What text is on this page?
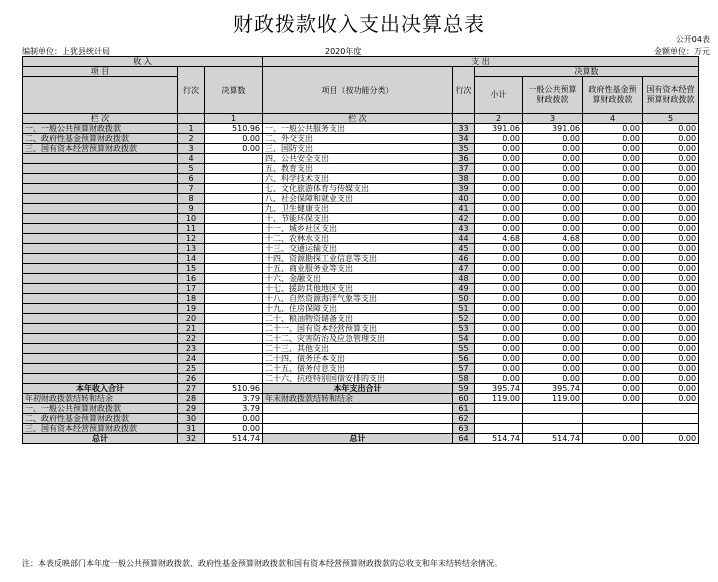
财政拨款收入支出决算总表
公开04表
编制单位：上犹县统计局	2020年度	金额单位：万元
收 入			支 出					
项 目	行次	决算数	项目（按功能分类）	行次	决算数			
					小计	一般公共预算财政拨款	政府性基金预算财政拨款	国有资本经营预算财政拨款
栏 次		1	栏 次		2	3	4	5
一、一般公共预算财政拨款	1	510.96	一、一般公共服务支出	33	391.06	391.06	0.00	0.00
二、政府性基金预算财政拨款	2	0.00	二、外交支出	34	0.00	0.00	0.00	0.00
三、国有资本经营预算财政拨款	3	0.00	三、国防支出	35	0.00	0.00	0.00	0.00
	4		四、公共安全支出	36	0.00	0.00	0.00	0.00
	5		五、教育支出	37	0.00	0.00	0.00	0.00
	6		六、科学技术支出	38	0.00	0.00	0.00	0.00
	7		七、文化旅游体育与传媒支出	39	0.00	0.00	0.00	0.00
	8		八、社会保障和就业支出	40	0.00	0.00	0.00	0.00
	9		九、卫生健康支出	41	0.00	0.00	0.00	0.00
	10		十、节能环保支出	42	0.00	0.00	0.00	0.00
	11		十一、城乡社区支出	43	0.00	0.00	0.00	0.00
	12		十二、农林水支出	44	4.68	4.68	0.00	0.00
	13		十三、交通运输支出	45	0.00	0.00	0.00	0.00
	14		十四、资源勘探工业信息等支出	46	0.00	0.00	0.00	0.00
	15		十五、商业服务业等支出	47	0.00	0.00	0.00	0.00
	16		十六、金融支出	48	0.00	0.00	0.00	0.00
	17		十七、援助其他地区支出	49	0.00	0.00	0.00	0.00
	18		十八、自然资源海洋气象等支出	50	0.00	0.00	0.00	0.00
	19		十九、住房保障支出	51	0.00	0.00	0.00	0.00
	20		二十、粮油物资储备支出	52	0.00	0.00	0.00	0.00
	21		二十一、国有资本经营预算支出	53	0.00	0.00	0.00	0.00
	22		二十二、灾害防治及应急管理支出	54	0.00	0.00	0.00	0.00
	23		二十三、其他支出	55	0.00	0.00	0.00	0.00
	24		二十四、债务还本支出	56	0.00	0.00	0.00	0.00
	25		二十五、债务付息支出	57	0.00	0.00	0.00	0.00
	26		二十六、抗疫特别国债安排的支出	58	0.00	0.00	0.00	0.00
本年收入合计	27	510.96	本年支出合计	59	395.74	395.74	0.00	0.00
年初财政拨款结转和结余	28	3.79	年末财政拨款结转和结余	60	119.00	119.00	0.00	0.00
一、一般公共预算财政拨款	29	3.79		61				
二、政府性基金预算财政拨款	30	0.00		62				
三、国有资本经营预算财政拨款	31	0.00		63				
总计	32	514.74	总计	64	514.74	514.74	0.00	0.00
注：本表反映部门本年度一般公共预算财政拨款、政府性基金预算财政拨款和国有资本经营预算财政拨款的总收支和年末结转结余情况。
